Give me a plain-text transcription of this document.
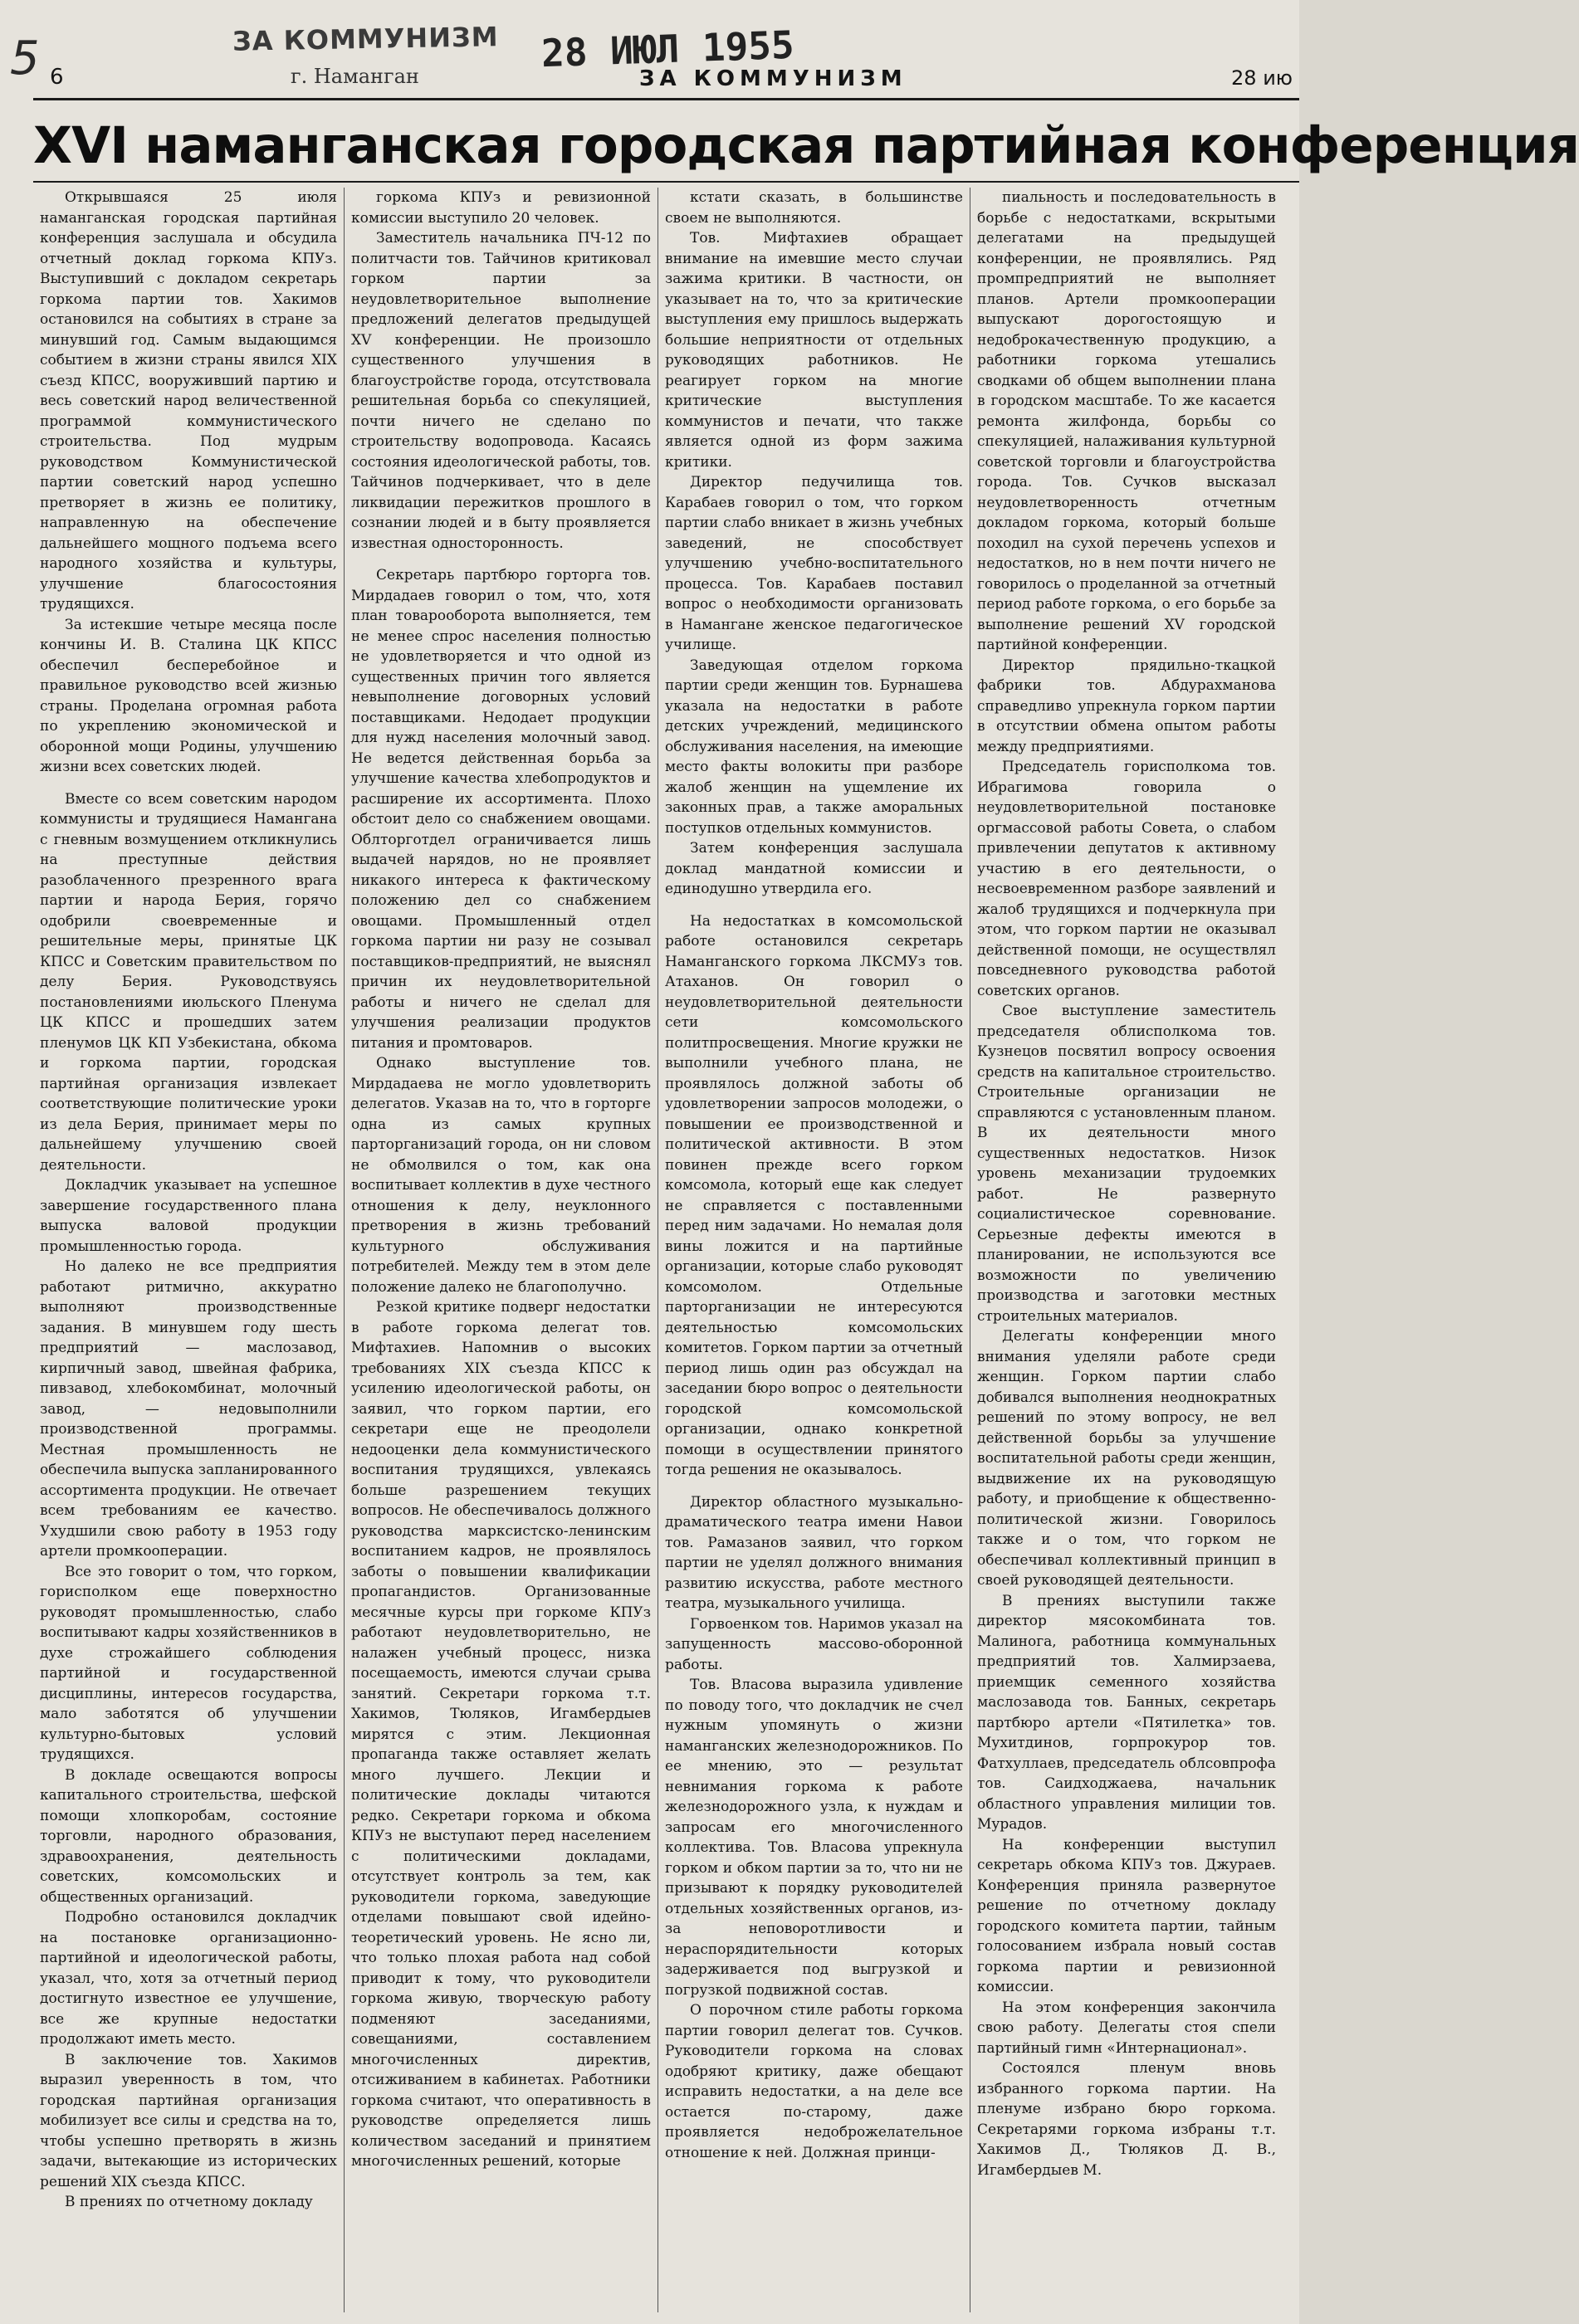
5	ЗА КОММУНИЗМ
г. Наманган
28 ИЮЛ 1955
6	ЗА КОММУНИЗМ	28 ию
XVI наманганская городская партийная конференция

Открывшаяся 25 июля наманганская городская партийная конференция заслушала и обсудила отчетный доклад горкома КПУз. Выступивший с докладом секретарь горкома партии тов. Хакимов остановился на событиях в стране за минувший год. Самым выдающимся событием в жизни страны явился XIX съезд КПСС, вооруживший партию и весь советский народ величественной программой коммунистического строительства. Под мудрым руководством Коммунистической партии советский народ успешно претворяет в жизнь ее политику, направленную на обеспечение дальнейшего мощного подъема всего народного хозяйства и культуры, улучшение благосостояния трудящихся.

За истекшие четыре месяца после кончины И. В. Сталина ЦК КПСС обеспечил бесперебойное и правильное руководство всей жизнью страны. Проделана огромная работа по укреплению экономической и оборонной мощи Родины, улучшению жизни всех советских людей.

Вместе со всем советским народом коммунисты и трудящиеся Намангана с гневным возмущением откликнулись на преступные действия разоблаченного презренного врага партии и народа Берия, горячо одобрили своевременные и решительные меры, принятые ЦК КПСС и Советским правительством по делу Берия. Руководствуясь постановлениями июльского Пленума ЦК КПСС и прошедших затем пленумов ЦК КП Узбекистана, обкома и горкома партии, городская партийная организация извлекает соответствующие политические уроки из дела Берия, принимает меры по дальнейшему улучшению своей деятельности.

Докладчик указывает на успешное завершение государственного плана выпуска валовой продукции промышленностью города.

Но далеко не все предприятия работают ритмично, аккуратно выполняют производственные задания. В минувшем году шесть предприятий — маслозавод, кирпичный завод, швейная фабрика, пивзавод, хлебокомбинат, молочный завод, — недовыполнили производственной программы. Местная промышленность не обеспечила выпуска запланированного ассортимента продукции. Не отвечает всем требованиям ее качество. Ухудшили свою работу в 1953 году артели промкооперации.

Все это говорит о том, что горком, горисполком еще поверхностно руководят промышленностью, слабо воспитывают кадры хозяйственников в духе строжайшего соблюдения партийной и государственной дисциплины, интересов государства, мало заботятся об улучшении культурно-бытовых условий трудящихся.

В докладе освещаются вопросы капитального строительства, шефской помощи хлопкоробам, состояние торговли, народного образования, здравоохранения, деятельность советских, комсомольских и общественных организаций.

Подробно остановился докладчик на постановке организационно-партийной и идеологической работы, указал, что, хотя за отчетный период достигнуто известное ее улучшение, все же крупные недостатки продолжают иметь место.

В заключение тов. Хакимов выразил уверенность в том, что городская партийная организация мобилизует все силы и средства на то, чтобы успешно претворять в жизнь задачи, вытекающие из исторических решений XIX съезда КПСС.

В прениях по отчетному докладу

горкома КПУз и ревизионной комиссии выступило 20 человек.

Заместитель начальника ПЧ-12 по политчасти тов. Тайчинов критиковал горком партии за неудовлетворительное выполнение предложений делегатов предыдущей XV конференции. Не произошло существенного улучшения в благоустройстве города, отсутствовала решительная борьба со спекуляцией, почти ничего не сделано по строительству водопровода. Касаясь состояния идеологической работы, тов. Тайчинов подчеркивает, что в деле ликвидации пережитков прошлого в сознании людей и в быту проявляется известная односторонность.

Секретарь партбюро горторга тов. Мирдадаев говорил о том, что, хотя план товарооборота выполняется, тем не менее спрос населения полностью не удовлетворяется и что одной из существенных причин того является невыполнение договорных условий поставщиками. Недодает продукции для нужд населения молочный завод. Не ведется действенная борьба за улучшение качества хлебопродуктов и расширение их ассортимента. Плохо обстоит дело со снабжением овощами. Облторготдел ограничивается лишь выдачей нарядов, но не проявляет никакого интереса к фактическому положению дел со снабжением овощами. Промышленный отдел горкома партии ни разу не созывал поставщиков-предприятий, не выяснял причин их неудовлетворительной работы и ничего не сделал для улучшения реализации продуктов питания и промтоваров.

Однако выступление тов. Мирдадаева не могло удовлетворить делегатов. Указав на то, что в горторге одна из самых крупных парторганизаций города, он ни словом не обмолвился о том, как она воспитывает коллектив в духе честного отношения к делу, неуклонного претворения в жизнь требований культурного обслуживания потребителей. Между тем в этом деле положение далеко не благополучно.

Резкой критике подверг недостатки в работе горкома делегат тов. Мифтахиев. Напомнив о высоких требованиях XIX съезда КПСС к усилению идеологической работы, он заявил, что горком партии, его секретари еще не преодолели недооценки дела коммунистического воспитания трудящихся, увлекаясь больше разрешением текущих вопросов. Не обеспечивалось должного руководства марксистско-ленинским воспитанием кадров, не проявлялось заботы о повышении квалификации пропагандистов. Организованные месячные курсы при горкоме КПУз работают неудовлетворительно, не налажен учебный процесс, низка посещаемость, имеются случаи срыва занятий. Секретари горкома т.т. Хакимов, Тюляков, Игамбердыев мирятся с этим. Лекционная пропаганда также оставляет желать много лучшего. Лекции и политические доклады читаются редко. Секретари горкома и обкома КПУз не выступают перед населением с политическими докладами, отсутствует контроль за тем, как руководители горкома, заведующие отделами повышают свой идейно-теоретический уровень. Не ясно ли, что только плохая работа над собой приводит к тому, что руководители горкома живую, творческую работу подменяют заседаниями, совещаниями, составлением многочисленных директив, отсиживанием в кабинетах. Работники горкома считают, что оперативность в руководстве определяется лишь количеством заседаний и принятием многочисленных решений, которые

кстати сказать, в большинстве своем не выполняются.

Тов. Мифтахиев обращает внимание на имевшие место случаи зажима критики. В частности, он указывает на то, что за критические выступления ему пришлось выдержать большие неприятности от отдельных руководящих работников. Не реагирует горком на многие критические выступления коммунистов и печати, что также является одной из форм зажима критики.

Директор педучилища тов. Карабаев говорил о том, что горком партии слабо вникает в жизнь учебных заведений, не способствует улучшению учебно-воспитательного процесса. Тов. Карабаев поставил вопрос о необходимости организовать в Намангане женское педагогическое училище.

Заведующая отделом горкома партии среди женщин тов. Бурнашева указала на недостатки в работе детских учреждений, медицинского обслуживания населения, на имеющие место факты волокиты при разборе жалоб женщин на ущемление их законных прав, а также аморальных поступков отдельных коммунистов.

Затем конференция заслушала доклад мандатной комиссии и единодушно утвердила его.

На недостатках в комсомольской работе остановился секретарь Наманганского горкома ЛКСМУз тов. Атаханов. Он говорил о неудовлетворительной деятельности сети комсомольского политпросвещения. Многие кружки не выполнили учебного плана, не проявлялось должной заботы об удовлетворении запросов молодежи, о повышении ее производственной и политической активности. В этом повинен прежде всего горком комсомола, который еще как следует не справляется с поставленными перед ним задачами. Но немалая доля вины ложится и на партийные организации, которые слабо руководят комсомолом. Отдельные парторганизации не интересуются деятельностью комсомольских комитетов. Горком партии за отчетный период лишь один раз обсуждал на заседании бюро вопрос о деятельности городской комсомольской организации, однако конкретной помощи в осуществлении принятого тогда решения не оказывалось.

Директор областного музыкально-драматического театра имени Навои тов. Рамазанов заявил, что горком партии не уделял должного внимания развитию искусства, работе местного театра, музыкального училища.

Горвоенком тов. Наримов указал на запущенность массово-оборонной работы.

Тов. Власова выразила удивление по поводу того, что докладчик не счел нужным упомянуть о жизни наманганских железнодорожников. По ее мнению, это — результат невнимания горкома к работе железнодорожного узла, к нуждам и запросам его многочисленного коллектива. Тов. Власова упрекнула горком и обком партии за то, что ни не призывают к порядку руководителей отдельных хозяйственных органов, из-за неповоротливости и нераспорядительности которых задерживается под выгрузкой и погрузкой подвижной состав.

О порочном стиле работы горкома партии говорил делегат тов. Сучков. Руководители горкома на словах одобряют критику, даже обещают исправить недостатки, а на деле все остается по-старому, даже проявляется недоброжелательное отношение к ней. Должная принци-

пиальность и последовательность в борьбе с недостатками, вскрытыми делегатами на предыдущей конференции, не проявлялись. Ряд промпредприятий не выполняет планов. Артели промкооперации выпускают дорогостоящую и недоброкачественную продукцию, а работники горкома утешались сводками об общем выполнении плана в городском масштабе. То же касается ремонта жилфонда, борьбы со спекуляцией, налаживания культурной советской торговли и благоустройства города. Тов. Сучков высказал неудовлетворенность отчетным докладом горкома, который больше походил на сухой перечень успехов и недостатков, но в нем почти ничего не говорилось о проделанной за отчетный период работе горкома, о его борьбе за выполнение решений XV городской партийной конференции.

Директор прядильно-ткацкой фабрики тов. Абдурахманова справедливо упрекнула горком партии в отсутствии обмена опытом работы между предприятиями.

Председатель горисполкома тов. Ибрагимова говорила о неудовлетворительной постановке оргмассовой работы Совета, о слабом привлечении депутатов к активному участию в его деятельности, о несвоевременном разборе заявлений и жалоб трудящихся и подчеркнула при этом, что горком партии не оказывал действенной помощи, не осуществлял повседневного руководства работой советских органов.

Свое выступление заместитель председателя облисполкома тов. Кузнецов посвятил вопросу освоения средств на капитальное строительство. Строительные организации не справляются с установленным планом. В их деятельности много существенных недостатков. Низок уровень механизации трудоемких работ. Не развернуто социалистическое соревнование. Серьезные дефекты имеются в планировании, не используются все возможности по увеличению производства и заготовки местных строительных материалов.

Делегаты конференции много внимания уделяли работе среди женщин. Горком партии слабо добивался выполнения неоднократных решений по этому вопросу, не вел действенной борьбы за улучшение воспитательной работы среди женщин, выдвижение их на руководящую работу, и приобщение к общественно-политической жизни. Говорилось также и о том, что горком не обеспечивал коллективный принцип в своей руководящей деятельности.

В прениях выступили также директор мясокомбината тов. Малинога, работница коммунальных предприятий тов. Халмирзаева, приемщик семенного хозяйства маслозавода тов. Банных, секретарь партбюро артели «Пятилетка» тов. Мухитдинов, горпрокурор тов. Фатхуллаев, председатель облсовпрофа тов. Саидходжаева, начальник областного управления милиции тов. Мурадов.

На конференции выступил секретарь обкома КПУз тов. Джураев. Конференция приняла развернутое решение по отчетному докладу городского комитета партии, тайным голосованием избрала новый состав горкома партии и ревизионной комиссии.

На этом конференция закончила свою работу. Делегаты стоя спели партийный гимн «Интернационал».

Состоялся пленум вновь избранного горкома партии. На пленуме избрано бюро горкома. Секретарями горкома избраны т.т. Хакимов Д., Тюляков Д. В., Игамбердыев М.
